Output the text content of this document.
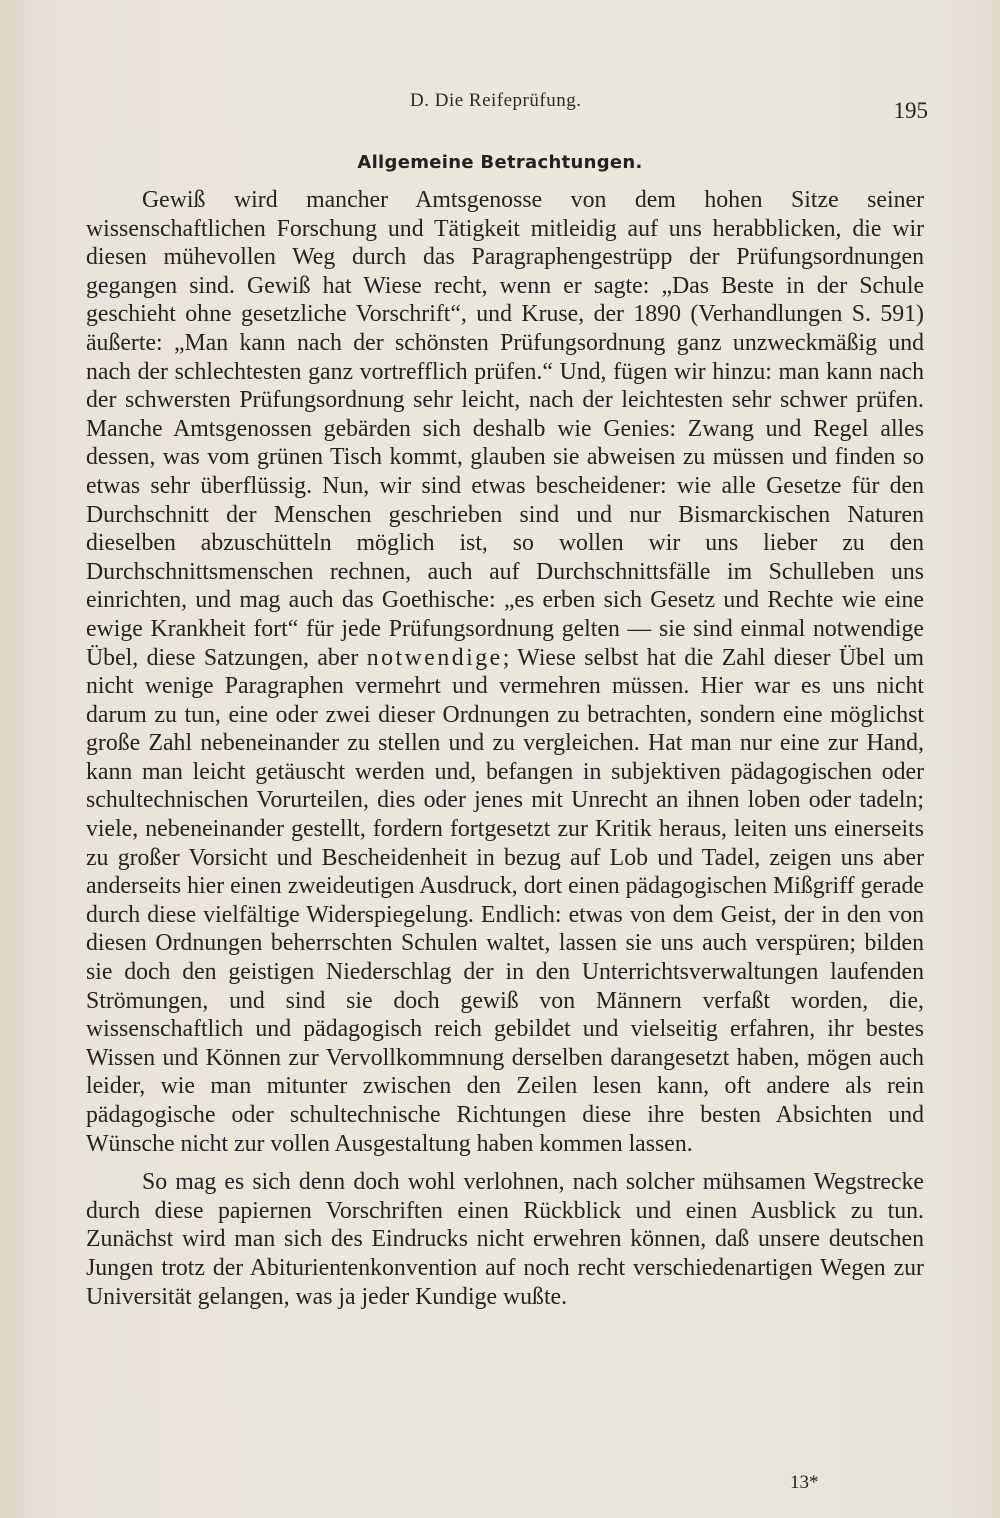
D. Die Reifeprüfung.	195
Allgemeine Betrachtungen.

Gewiß wird mancher Amtsgenosse von dem hohen Sitze seiner wissenschaftlichen Forschung und Tätigkeit mitleidig auf uns herabblicken, die wir diesen mühevollen Weg durch das Paragraphengestrüpp der Prüfungsordnungen gegangen sind. Gewiß hat Wiese recht, wenn er sagte: „Das Beste in der Schule geschieht ohne gesetzliche Vorschrift“, und Kruse, der 1890 (Verhandlungen S. 591) äußerte: „Man kann nach der schönsten Prüfungsordnung ganz unzweckmäßig und nach der schlechtesten ganz vortrefflich prüfen.“ Und, fügen wir hinzu: man kann nach der schwersten Prüfungsordnung sehr leicht, nach der leichtesten sehr schwer prüfen. Manche Amtsgenossen gebärden sich deshalb wie Genies: Zwang und Regel alles dessen, was vom grünen Tisch kommt, glauben sie abweisen zu müssen und finden so etwas sehr überflüssig. Nun, wir sind etwas bescheidener: wie alle Gesetze für den Durchschnitt der Menschen geschrieben sind und nur Bismarckischen Naturen dieselben abzuschütteln möglich ist, so wollen wir uns lieber zu den Durchschnittsmenschen rechnen, auch auf Durchschnittsfälle im Schulleben uns einrichten, und mag auch das Goethische: „es erben sich Gesetz und Rechte wie eine ewige Krankheit fort“ für jede Prüfungsordnung gelten — sie sind einmal notwendige Übel, diese Satzungen, aber notwendige; Wiese selbst hat die Zahl dieser Übel um nicht wenige Paragraphen vermehrt und vermehren müssen. Hier war es uns nicht darum zu tun, eine oder zwei dieser Ordnungen zu betrachten, sondern eine möglichst große Zahl nebeneinander zu stellen und zu vergleichen. Hat man nur eine zur Hand, kann man leicht getäuscht werden und, befangen in subjektiven pädagogischen oder schultechnischen Vorurteilen, dies oder jenes mit Unrecht an ihnen loben oder tadeln; viele, nebeneinander gestellt, fordern fortgesetzt zur Kritik heraus, leiten uns einerseits zu großer Vorsicht und Bescheidenheit in bezug auf Lob und Tadel, zeigen uns aber anderseits hier einen zweideutigen Ausdruck, dort einen pädagogischen Mißgriff gerade durch diese vielfältige Widerspiegelung. Endlich: etwas von dem Geist, der in den von diesen Ordnungen beherrschten Schulen waltet, lassen sie uns auch verspüren; bilden sie doch den geistigen Niederschlag der in den Unterrichtsverwaltungen laufenden Strömungen, und sind sie doch gewiß von Männern verfaßt worden, die, wissenschaftlich und pädagogisch reich gebildet und vielseitig erfahren, ihr bestes Wissen und Können zur Vervollkommnung derselben darangesetzt haben, mögen auch leider, wie man mitunter zwischen den Zeilen lesen kann, oft andere als rein pädagogische oder schultechnische Richtungen diese ihre besten Absichten und Wünsche nicht zur vollen Ausgestaltung haben kommen lassen.

So mag es sich denn doch wohl verlohnen, nach solcher mühsamen Wegstrecke durch diese papiernen Vorschriften einen Rückblick und einen Ausblick zu tun. Zunächst wird man sich des Eindrucks nicht erwehren können, daß unsere deutschen Jungen trotz der Abiturientenkonvention auf noch recht verschiedenartigen Wegen zur Universität gelangen, was ja jeder Kundige wußte.

13*
